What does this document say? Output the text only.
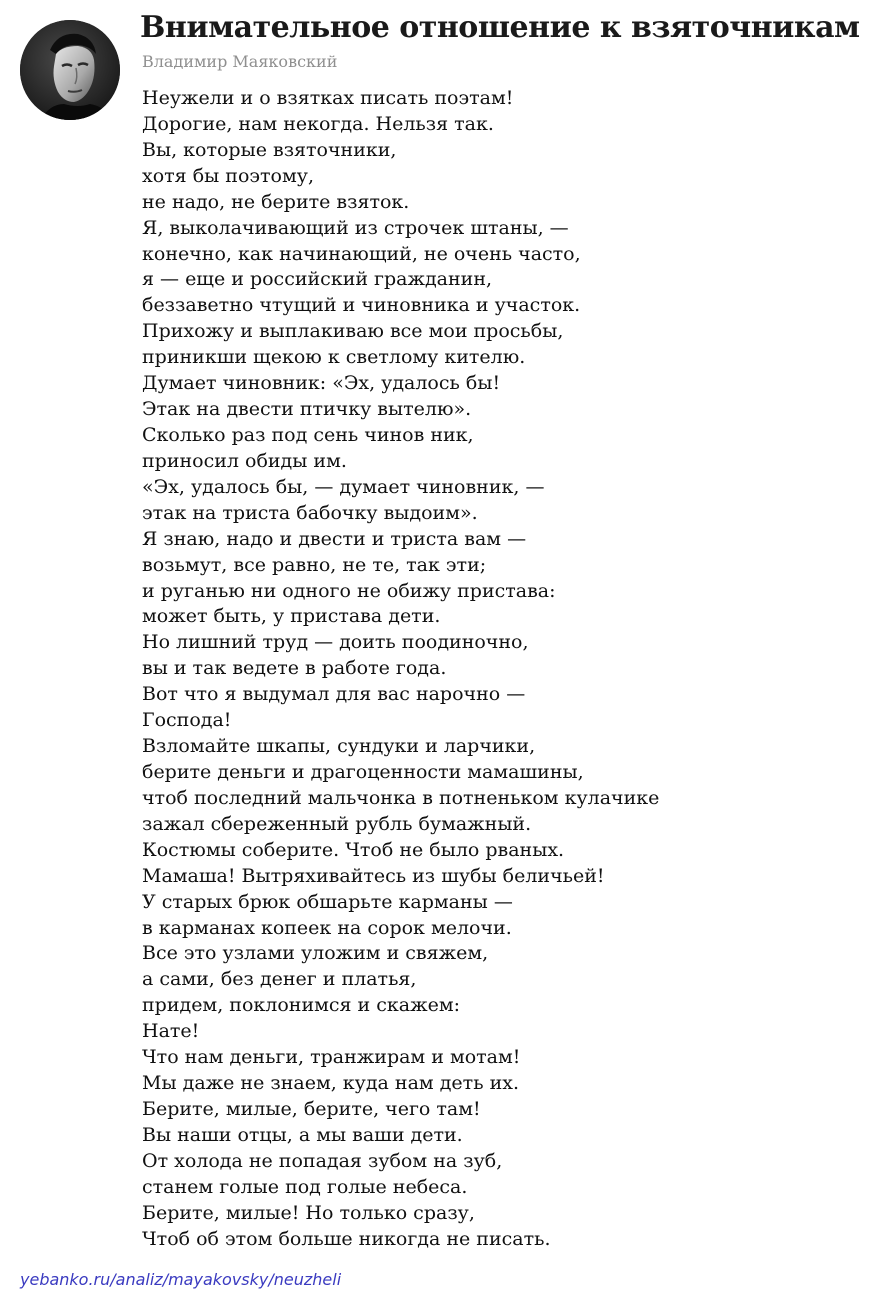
Внимательное отношение к взяточникам
Владимир Маяковский
Неужели и о взятках писать поэтам!
Дорогие, нам некогда. Нельзя так.
Вы, которые взяточники,
хотя бы поэтому,
не надо, не берите взяток.
Я, выколачивающий из строчек штаны, —
конечно, как начинающий, не очень часто,
я — еще и российский гражданин,
беззаветно чтущий и чиновника и участок.
Прихожу и выплакиваю все мои просьбы,
приникши щекою к светлому кителю.
Думает чиновник: «Эх, удалось бы!
Этак на двести птичку вытелю».
Сколько раз под сень чинов ник,
приносил обиды им.
«Эх, удалось бы, — думает чиновник, —
этак на триста бабочку выдоим».
Я знаю, надо и двести и триста вам —
возьмут, все равно, не те, так эти;
и руганью ни одного не обижу пристава:
может быть, у пристава дети.
Но лишний труд — доить поодиночно,
вы и так ведете в работе года.
Вот что я выдумал для вас нарочно —
Господа!
Взломайте шкапы, сундуки и ларчики,
берите деньги и драгоценности мамашины,
чтоб последний мальчонка в потненьком кулачике
зажал сбереженный рубль бумажный.
Костюмы соберите. Чтоб не было рваных.
Мамаша! Вытряхивайтесь из шубы беличьей!
У старых брюк обшарьте карманы —
в карманах копеек на сорок мелочи.
Все это узлами уложим и свяжем,
а сами, без денег и платья,
придем, поклонимся и скажем:
Нате!
Что нам деньги, транжирам и мотам!
Мы даже не знаем, куда нам деть их.
Берите, милые, берите, чего там!
Вы наши отцы, а мы ваши дети.
От холода не попадая зубом на зуб,
станем голые под голые небеса.
Берите, милые! Но только сразу,
Чтоб об этом больше никогда не писать.
yebanko.ru/analiz/mayakovsky/neuzheli
